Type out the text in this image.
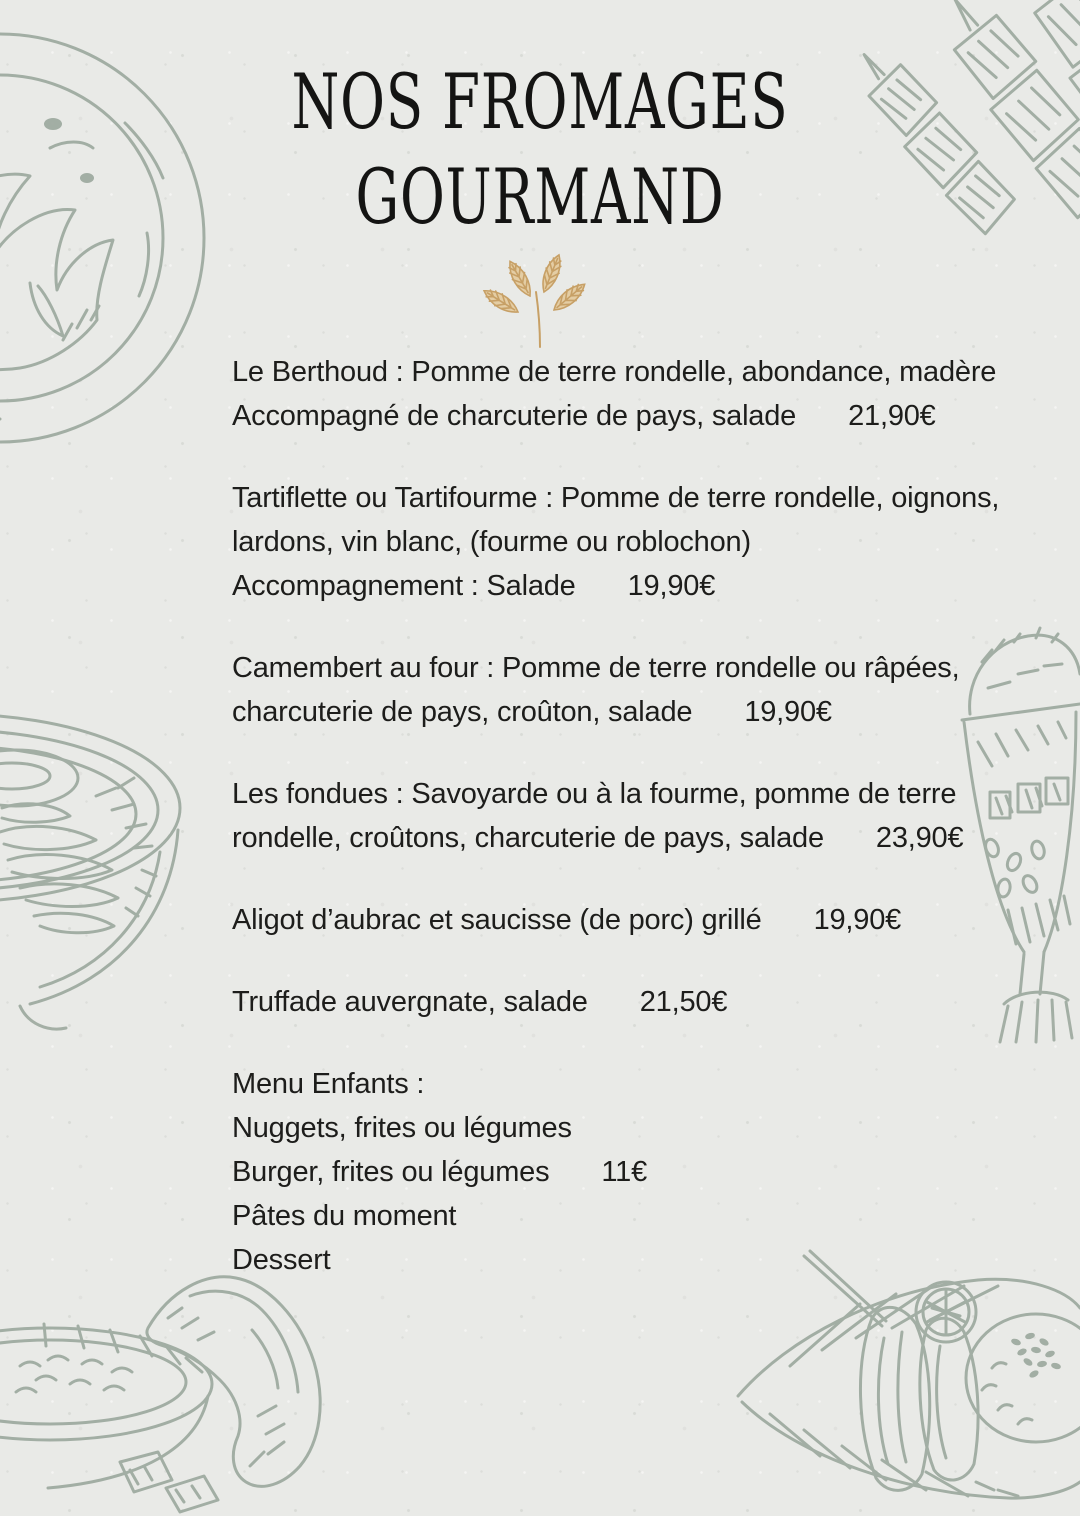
NOS FROMAGES
GOURMAND
Le Berthoud : Pomme de terre rondelle, abondance, madère
Accompagné de charcuterie de pays, salade 21,90€
Tartiflette ou Tartifourme : Pomme de terre rondelle, oignons,
lardons, vin blanc, (fourme ou roblochon)
Accompagnement : Salade 19,90€
Camembert au four : Pomme de terre rondelle ou râpées,
charcuterie de pays, croûton, salade 19,90€
Les fondues : Savoyarde ou à la fourme, pomme de terre
rondelle, croûtons, charcuterie de pays, salade 23,90€
Aligot d’aubrac et saucisse (de porc) grillé 19,90€
Truffade auvergnate, salade 21,50€
Menu Enfants :
Nuggets, frites ou légumes
Burger, frites ou légumes 11€
Pâtes du moment
Dessert
